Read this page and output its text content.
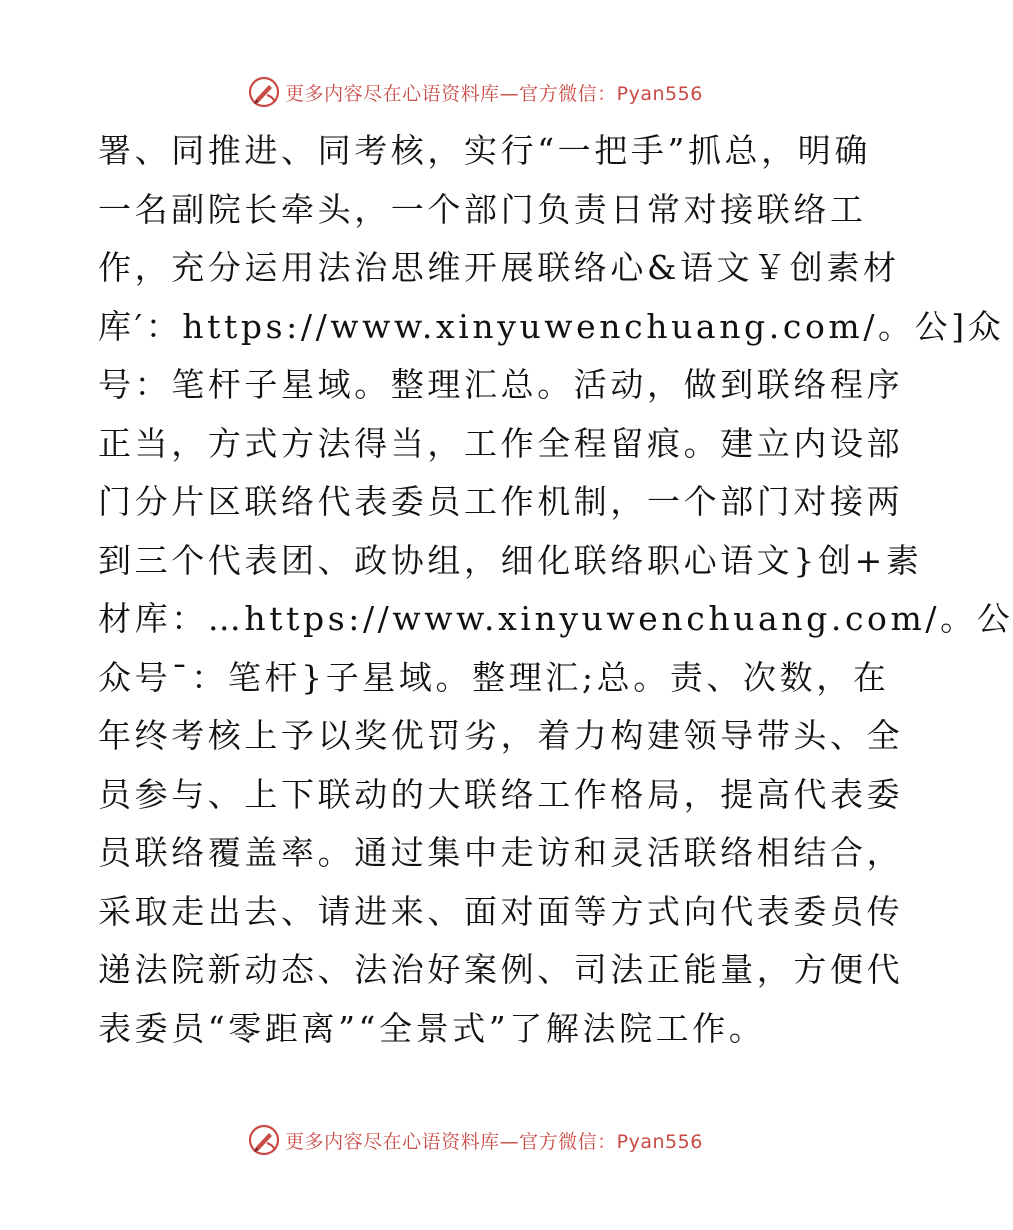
更多内容尽在心语资料库—官方微信：Pyan556
署、同推进、同考核，实行“一把手”抓总，明确
一名副院长牵头，一个部门负责日常对接联络工
作，充分运用法治思维开展联络心&语文￥创素材
库′：https://www.xinyuwenchuang.com/。公]众
号：笔杆子星域。整理汇总。活动，做到联络程序
正当，方式方法得当，工作全程留痕。建立内设部
门分片区联络代表委员工作机制，一个部门对接两
到三个代表团、政协组，细化联络职心语文}创+素
材库：…https://www.xinyuwenchuang.com/。公
众号¯：笔杆}子星域。整理汇;总。责、次数，在
年终考核上予以奖优罚劣，着力构建领导带头、全
员参与、上下联动的大联络工作格局，提高代表委
员联络覆盖率。通过集中走访和灵活联络相结合，
采取走出去、请进来、面对面等方式向代表委员传
递法院新动态、法治好案例、司法正能量，方便代
表委员“零距离”“全景式”了解法院工作。
更多内容尽在心语资料库—官方微信：Pyan556
